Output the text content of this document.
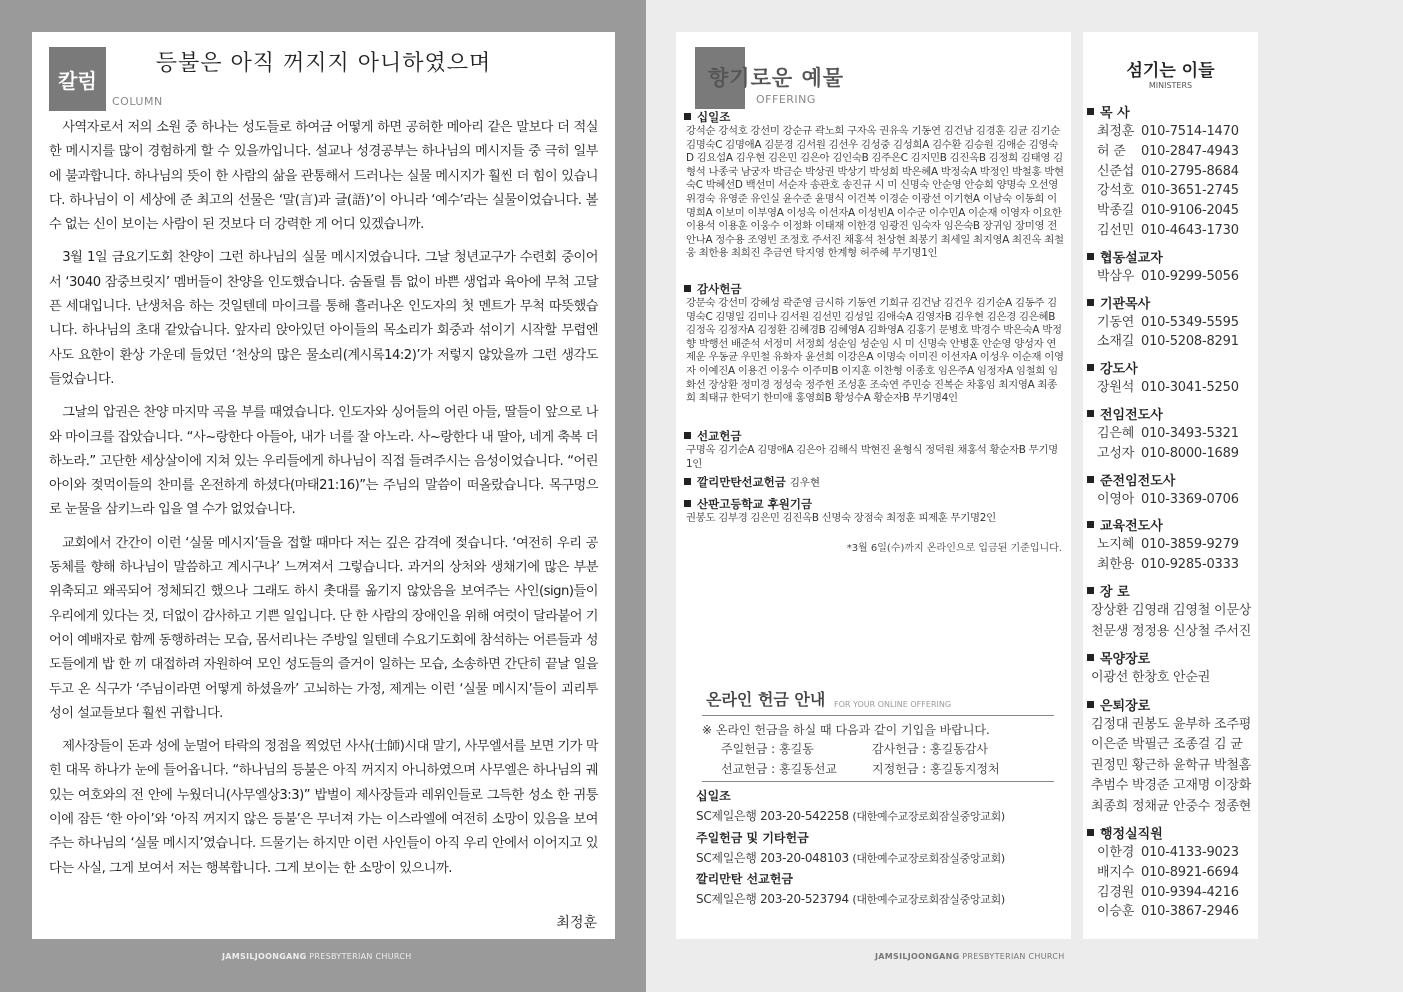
칼럼
COLUMN
등불은 아직 꺼지지 아니하였으며

사역자로서 저의 소원 중 하나는 성도들로 하여금 어떻게 하면 공허한 메아리 같은 말보다 더 적실한 메시지를 많이 경험하게 할 수 있을까입니다. 설교나 성경공부는 하나님의 메시지들 중 극히 일부에 불과합니다. 하나님의 뜻이 한 사람의 삶을 관통해서 드러나는 실물 메시지가 훨씬 더 힘이 있습니다. 하나님이 이 세상에 준 최고의 선물은 ‘말(言)과 글(語)’이 아니라 ‘예수’라는 실물이었습니다. 볼 수 없는 신이 보이는 사람이 된 것보다 더 강력한 게 어디 있겠습니까.

3월 1일 금요기도회 찬양이 그런 하나님의 실물 메시지였습니다. 그날 청년교구가 수련회 중이어서 ‘3040 잠중브릿지’ 멤버들이 찬양을 인도했습니다. 숨돌릴 틈 없이 바쁜 생업과 육아에 무척 고달픈 세대입니다. 난생처음 하는 것일텐데 마이크를 통해 흘러나온 인도자의 첫 멘트가 무척 따뜻했습니다. 하나님의 초대 같았습니다. 앞자리 앉아있던 아이들의 목소리가 회중과 섞이기 시작할 무렵엔 사도 요한이 환상 가운데 들었던 ‘천상의 많은 물소리(계시록14:2)’가 저렇지 않았을까 그런 생각도 들었습니다.

그날의 압권은 찬양 마지막 곡을 부를 때였습니다. 인도자와 싱어들의 어린 아들, 딸들이 앞으로 나와 마이크를 잡았습니다. “사~랑한다 아들아, 내가 너를 잘 아노라. 사~랑한다 내 딸아, 네게 축복 더하노라.” 고단한 세상살이에 지쳐 있는 우리들에게 하나님이 직접 들려주시는 음성이었습니다. “어린아이와 젖먹이들의 찬미를 온전하게 하셨다(마태21:16)”는 주님의 말씀이 떠올랐습니다. 목구멍으로 눈물을 삼키느라 입을 열 수가 없었습니다.

교회에서 간간이 이런 ‘실물 메시지’들을 접할 때마다 저는 깊은 감격에 젖습니다. ‘여전히 우리 공동체를 향해 하나님이 말씀하고 계시구나’ 느껴져서 그렇습니다. 과거의 상처와 생채기에 많은 부분 위축되고 왜곡되어 정체되긴 했으나 그래도 하시 촛대를 옮기지 않았음을 보여주는 사인(sign)들이 우리에게 있다는 것, 더없이 감사하고 기쁜 일입니다. 단 한 사람의 장애인을 위해 여럿이 달라붙어 기어이 예배자로 함께 동행하려는 모습, 몸서리나는 주방일 일텐데 수요기도회에 참석하는 어른들과 성도들에게 밥 한 끼 대접하려 자원하여 모인 성도들의 즐거이 일하는 모습, 소송하면 간단히 끝날 일을 두고 온 식구가 ‘주님이라면 어떻게 하셨을까’ 고뇌하는 가정, 제게는 이런 ‘실물 메시지’들이 괴리투성이 설교들보다 훨씬 귀합니다.

제사장들이 돈과 성에 눈멀어 타락의 정점을 찍었던 사사(士師)시대 말기, 사무엘서를 보면 기가 막힌 대목 하나가 눈에 들어옵니다. “하나님의 등불은 아직 꺼지지 아니하였으며 사무엘은 하나님의 궤 있는 여호와의 전 안에 누웠더니(사무엘상3:3)” 밥벌이 제사장들과 레위인들로 그득한 성소 한 귀퉁이에 잠든 ‘한 아이’와 ‘아직 꺼지지 않은 등불’은 무너져 가는 이스라엘에 여전히 소망이 있음을 보여주는 하나님의 ‘실물 메시지’였습니다. 드물기는 하지만 이런 사인들이 아직 우리 안에서 이어지고 있다는 사실, 그게 보여서 저는 행복합니다. 그게 보이는 한 소망이 있으니까.

최정훈
JAMSILJOONGANG PRESBYTERIAN CHURCH
향기로운 예물
OFFERING
십일조
강석순 강석호 강선미 강순규 곽노희 구자옥 권유옥 기동연 김건남 김경훈 김균 김기순 김명숙C 김명애A 김문경 김서원 김선우 김성중 김성희A 김수환 김승원 김애순 김영숙D 김요섭A 김우현 김은민 김은아 김인숙B 김주은C 김지민B 김진옥B 김정희 김태영 김형석 나종국 남궁자 박금순 박상권 박상기 박성희 박은혜A 박정숙A 박정인 박철홍 박현숙C 박혜선D 백선미 서순자 송관호 송진규 시 미 신명숙 안순영 안승희 양명숙 오선영 위경숙 유영준 유인실 윤수준 윤명식 이건복 이경순 이광선 이기현A 이남숙 이동희 이명희A 이보미 이부영A 이성옥 이선자A 이성빈A 이수군 이수민A 이순재 이영자 이요한 이용석 이용훈 이웅수 이정화 이태재 이한경 임광진 임숙자 임은숙B 장귀임 장미영 전안나A 정수용 조영빈 조정호 주서진 채홍석 천상현 최봉기 최세일 최지영A 최진옥 최철웅 최한용 최희진 추금연 탁지영 한계형 허주혜 무기명1인
감사헌금
강문숙 강선미 강혜성 곽준영 금시하 기동연 기희규 김건남 김건우 김기순A 김동주 김명숙C 김명일 김미나 김서원 김선민 김성일 김애숙A 김영자B 김우현 김은경 김은혜B 김정옥 김정자A 김정환 김혜경B 김혜영A 김화영A 김홍기 문병호 박경수 박은숙A 박정향 박행선 배준석 서정미 서정희 성순임 성순임 시 미 신명숙 안병훈 안순영 양성자 연제운 우동균 우민철 유화자 윤선희 이강은A 이명숙 이미진 이선자A 이성우 이순재 이영자 이예진A 이용건 이웅수 이주미B 이지훈 이찬형 이종호 임은주A 임정자A 임철희 임화선 장상환 정미경 정성숙 정주헌 조성훈 조숙연 주민승 진복순 차홍임 최지영A 최종희 최태규 한덕기 한미애 홍영희B 황성수A 황순자B 무기명4인
선교헌금
구명옥 김기순A 김명애A 김은아 김해식 박현진 윤형식 정덕원 채홍석 황순자B 무기명1인
깔리만탄선교헌금 김우현
산판고등학교 후원기금
권봉도 김부경 김은민 김진옥B 신명숙 장점숙 최정훈 피제훈 무기명2인
*3월 6일(수)까지 온라인으로 입금된 기준입니다.
온라인 헌금 안내 FOR YOUR ONLINE OFFERING
※ 온라인 헌금을 하실 때 다음과 같이 기입을 바랍니다.
주일헌금 : 홍길동	감사헌금 : 홍길동감사
선교헌금 : 홍길동선교	지정헌금 : 홍길동지정처
십일조
SC제일은행 203-20-542258 (대한예수교장로회잠실중앙교회)
주일헌금 및 기타헌금
SC제일은행 203-20-048103 (대한예수교장로회잠실중앙교회)
깔리만탄 선교헌금
SC제일은행 203-20-523794 (대한예수교장로회잠실중앙교회)
섬기는 이들
MINISTERS
목 사
최정훈 010-7514-1470
허 준 010-2847-4943
신준섭 010-2795-8684
강석호 010-3651-2745
박종길 010-9106-2045
김선민 010-4643-1730
협동설교자
박삼우 010-9299-5056
기관목사
기동연 010-5349-5595
소재길 010-5208-8291
강도사
장원석 010-3041-5250
전임전도사
김은혜 010-3493-5321
고성자 010-8000-1689
준전임전도사
이영아 010-3369-0706
교육전도사
노지혜 010-3859-9279
최한용 010-9285-0333
장 로
장상환 김영래 김영철 이문상
천문생 정정용 신상철 주서진
목양장로
이광선 한창호 안순권
은퇴장로
김정대 권봉도 윤부하 조주평
이은준 박필근 조종걸 김 균
권정민 황근하 윤학규 박철홈
추범수 박경준 고재명 이장화
최종희 정채균 안중수 정종현
행정실직원
이한경 010-4133-9023
배지수 010-8921-6694
김경원 010-9394-4216
이승훈 010-3867-2946
JAMSILJOONGANG PRESBYTERIAN CHURCH
